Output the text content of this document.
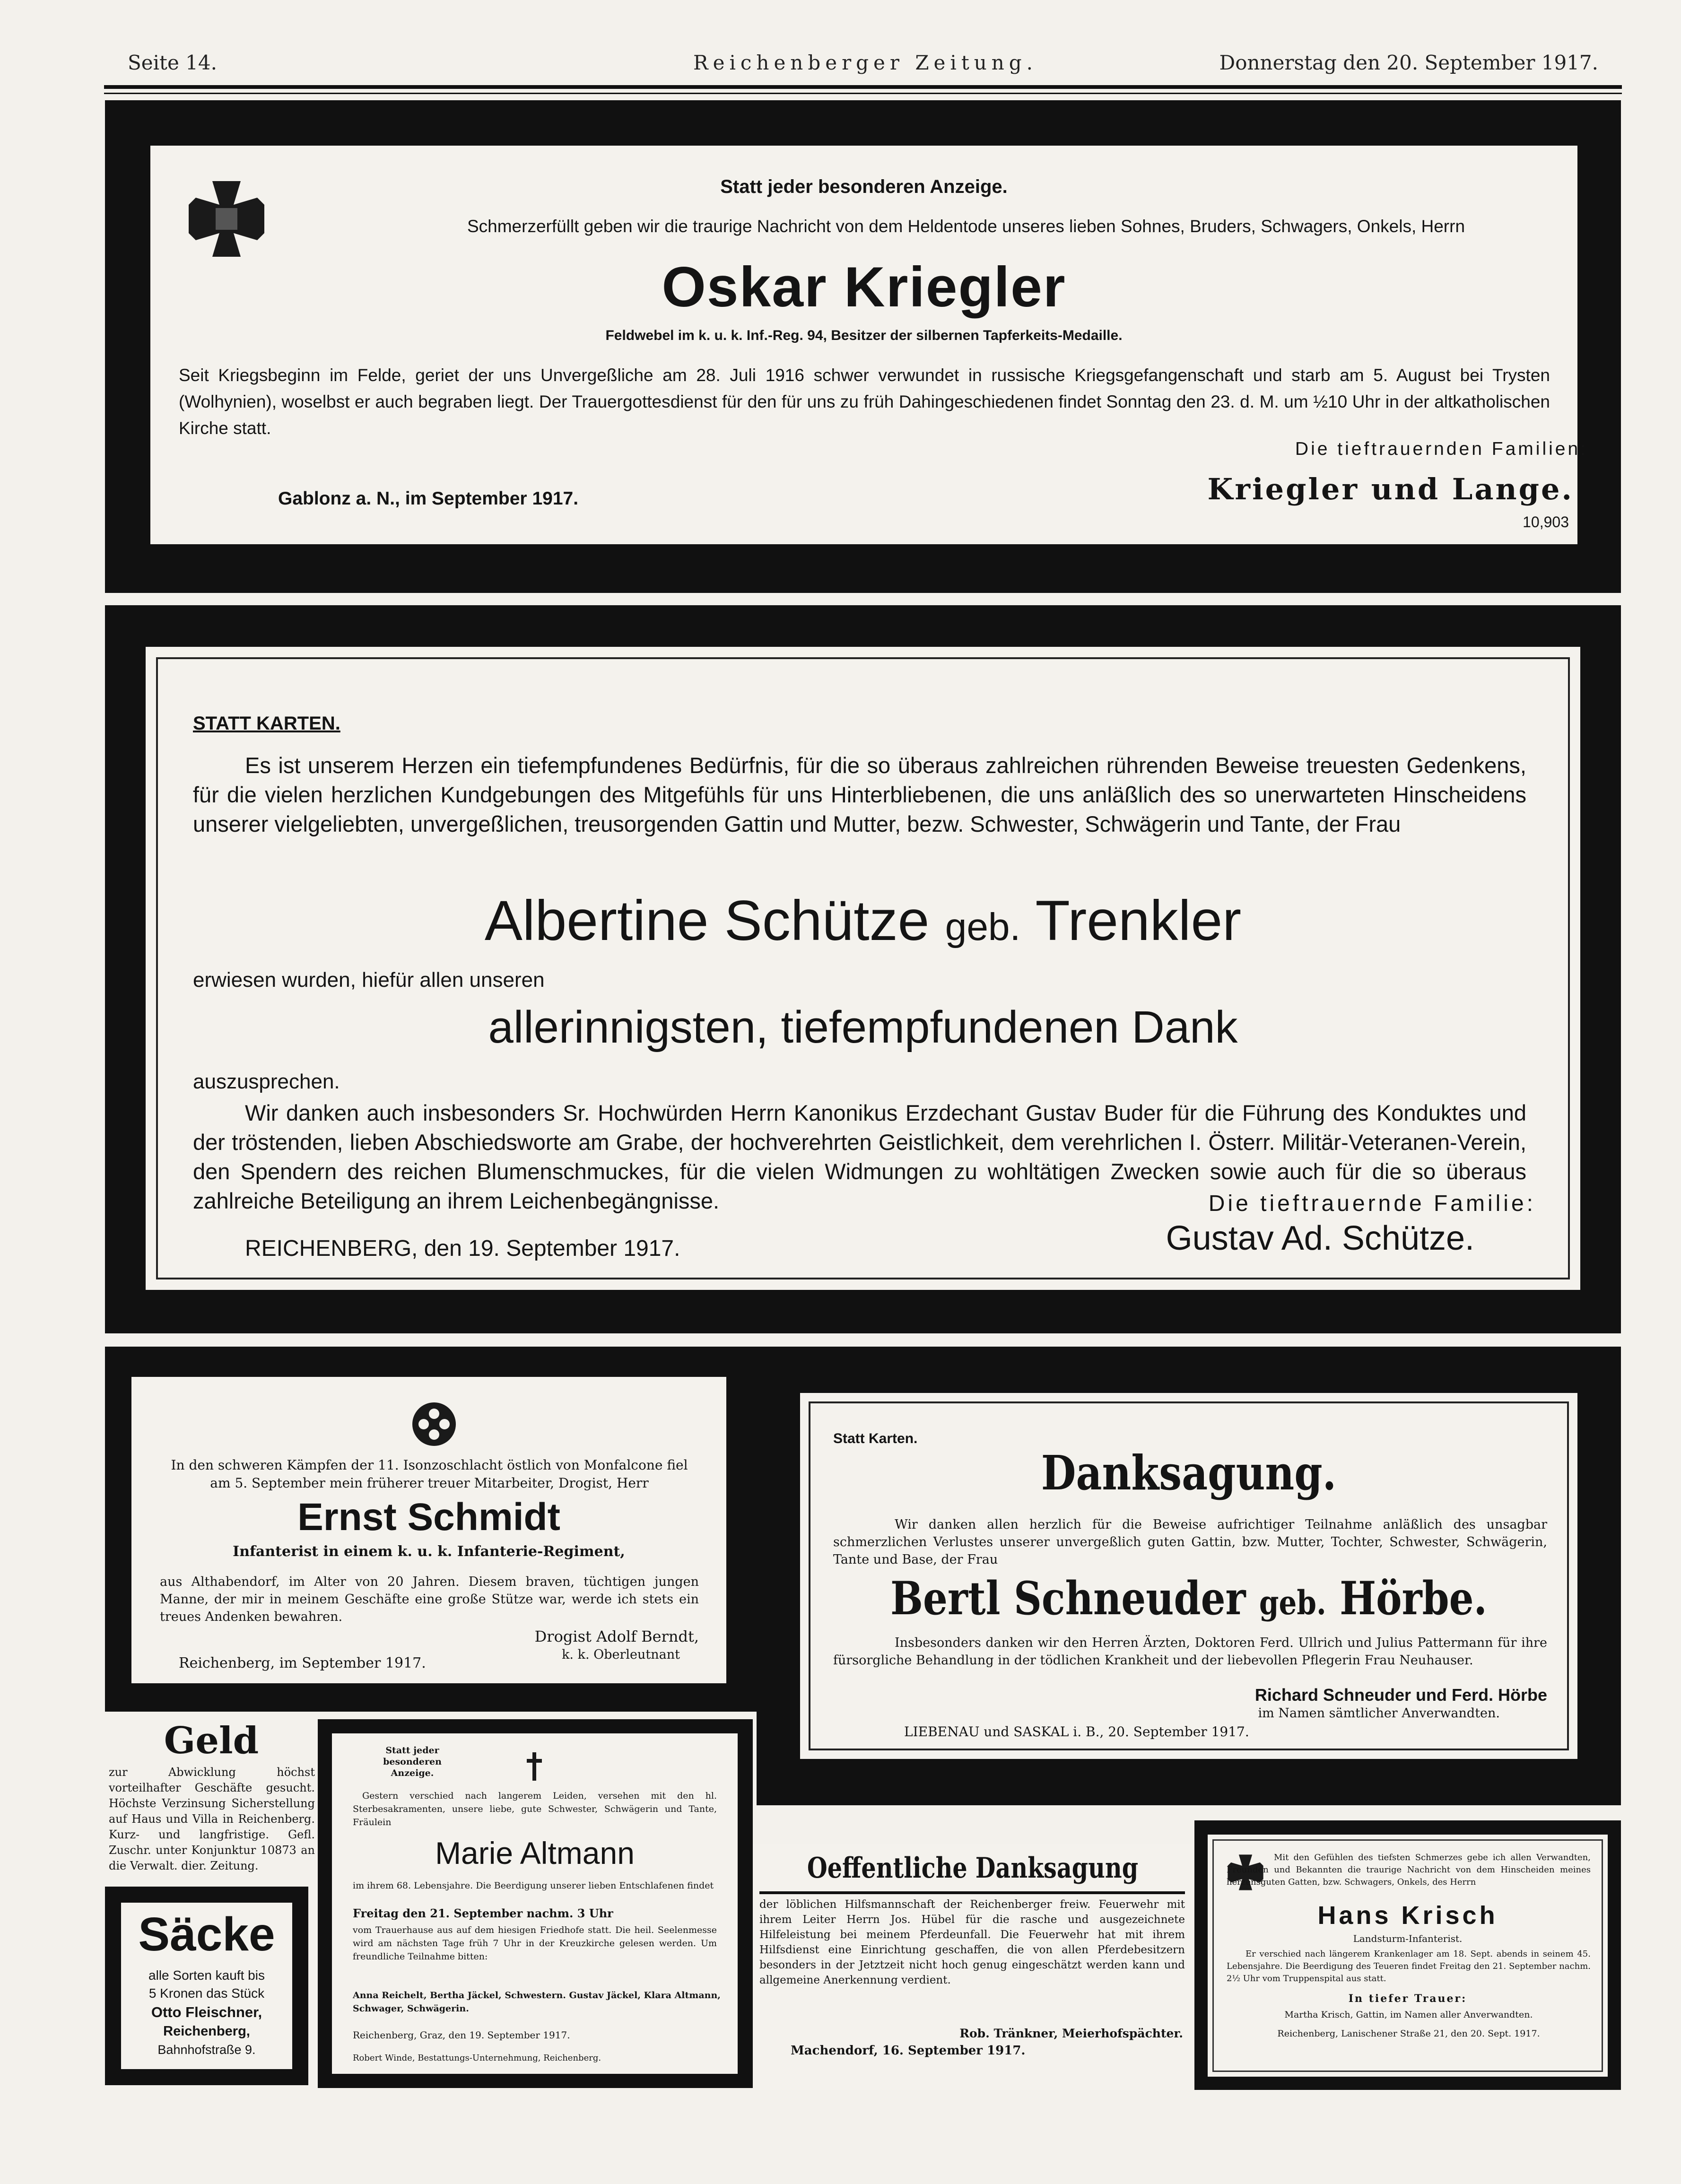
Seite 14.	Reichenberger Zeitung.	Donnerstag den 20. September 1917.

Statt jeder besonderen Anzeige.

Schmerzerfüllt geben wir die traurige Nachricht von dem Heldentode unseres lieben Sohnes, Bruders, Schwagers, Onkels, Herrn

Oskar Kriegler

Feldwebel im k. u. k. Inf.-Reg. 94, Besitzer der silbernen Tapferkeits-Medaille.

Seit Kriegsbeginn im Felde, geriet der uns Unvergeßliche am 28. Juli 1916 schwer verwundet in russische Kriegsgefangenschaft und starb am 5. August bei Trysten (Wolhynien), woselbst er auch begraben liegt. Der Trauergottesdienst für den für uns zu früh Dahingeschiedenen findet Sonntag den 23. d. M. um ½10 Uhr in der altkatholischen Kirche statt.

Die tieftrauernden Familien:

Kriegler und Lange.

Gablonz a. N., im September 1917.

10,903

STATT KARTEN.

Es ist unserem Herzen ein tiefempfundenes Bedürfnis, für die so überaus zahlreichen rührenden Beweise treuesten Gedenkens, für die vielen herzlichen Kundgebungen des Mitgefühls für uns Hinterbliebenen, die uns anläßlich des so unerwarteten Hinscheidens unserer vielgeliebten, unvergeßlichen, treusorgenden Gattin und Mutter, bezw. Schwester, Schwägerin und Tante, der Frau

Albertine Schütze geb. Trenkler

erwiesen wurden, hiefür allen unseren

allerinnigsten, tiefempfundenen Dank

auszusprechen.

Wir danken auch insbesonders Sr. Hochwürden Herrn Kanonikus Erzdechant Gustav Buder für die Führung des Konduktes und der tröstenden, lieben Abschiedsworte am Grabe, der hochverehrten Geistlichkeit, dem verehrlichen I. Österr. Militär-Veteranen-Verein, den Spendern des reichen Blumenschmuckes, für die vielen Widmungen zu wohltätigen Zwecken sowie auch für die so überaus zahlreiche Beteiligung an ihrem Leichenbegängnisse.	Die tieftrauernde Familie:

Gustav Ad. Schütze.

REICHENBERG, den 19. September 1917.

In den schweren Kämpfen der 11. Isonzoschlacht östlich von Monfalcone fiel am 5. September mein früherer treuer Mitarbeiter, Drogist, Herr

Ernst Schmidt

Infanterist in einem k. u. k. Infanterie-Regiment,

aus Althabendorf, im Alter von 20 Jahren. Diesem braven, tüchtigen jungen Manne, der mir in meinem Geschäfte eine große Stütze war, werde ich stets ein treues Andenken bewahren.

Drogist Adolf Berndt,

k. k. Oberleutnant

Reichenberg, im September 1917.

Statt Karten.

Danksagung.

Wir danken allen herzlich für die Beweise aufrichtiger Teilnahme anläßlich des unsagbar schmerzlichen Verlustes unserer unvergeßlich guten Gattin, bzw. Mutter, Tochter, Schwester, Schwägerin, Tante und Base, der Frau

Bertl Schneuder geb. Hörbe.

Insbesonders danken wir den Herren Ärzten, Doktoren Ferd. Ullrich und Julius Pattermann für ihre fürsorgliche Behandlung in der tödlichen Krankheit und der liebevollen Pflegerin Frau Neuhauser.

Richard Schneuder und Ferd. Hörbe

im Namen sämtlicher Anverwandten.

LIEBENAU und SASKAL i. B., 20. September 1917.

Geld

zur Abwicklung höchst vorteilhafter Geschäfte gesucht. Höchste Verzinsung Sicherstellung auf Haus und Villa in Reichenberg. Kurz- und langfristige. Gefl. Zuschr. unter Konjunktur 10873 an die Verwalt. dier. Zeitung.

Säcke

alle Sorten kauft bis

5 Kronen das Stück

Otto Fleischner,

Reichenberg,

Bahnhofstraße 9.

Statt jeder besonderen Anzeige.

Gestern verschied nach langerem Leiden, versehen mit den hl. Sterbesakramenten, unsere liebe, gute Schwester, Schwägerin und Tante, Fräulein

Marie Altmann

im ihrem 68. Lebensjahre. Die Beerdigung unserer lieben Entschlafenen findet

Freitag den 21. September nachm. 3 Uhr

vom Trauerhause aus auf dem hiesigen Friedhofe statt. Die heil. Seelenmesse wird am nächsten Tage früh 7 Uhr in der Kreuzkirche gelesen werden. Um freundliche Teilnahme bitten:

Anna Reichelt, Bertha Jäckel, Schwestern. Gustav Jäckel, Klara Altmann, Schwager, Schwägerin.

Reichenberg, Graz, den 19. September 1917.

Robert Winde, Bestattungs-Unternehmung, Reichenberg.

Oeffentliche Danksagung

der löblichen Hilfsmannschaft der Reichenberger freiw. Feuerwehr mit ihrem Leiter Herrn Jos. Hübel für die rasche und ausgezeichnete Hilfeleistung bei meinem Pferdeunfall. Die Feuerwehr hat mit ihrem Hilfsdienst eine Einrichtung geschaffen, die von allen Pferdebesitzern besonders in der Jetztzeit nicht hoch genug eingeschätzt werden kann und allgemeine Anerkennung verdient.

Rob. Tränkner, Meierhofspächter.

Machendorf, 16. September 1917.

Mit den Gefühlen des tiefsten Schmerzes gebe ich allen Verwandten, Freunden und Bekannten die traurige Nachricht von dem Hinscheiden meines herzensguten Gatten, bzw. Schwagers, Onkels, des Herrn

Hans Krisch

Landsturm-Infanterist.

Er verschied nach längerem Krankenlager am 18. Sept. abends in seinem 45. Lebensjahre. Die Beerdigung des Teueren findet Freitag den 21. September nachm. 2½ Uhr vom Truppenspital aus statt.

In tiefer Trauer:

Martha Krisch, Gattin, im Namen aller Anverwandten.

Reichenberg, Lanischener Straße 21, den 20. Sept. 1917.
